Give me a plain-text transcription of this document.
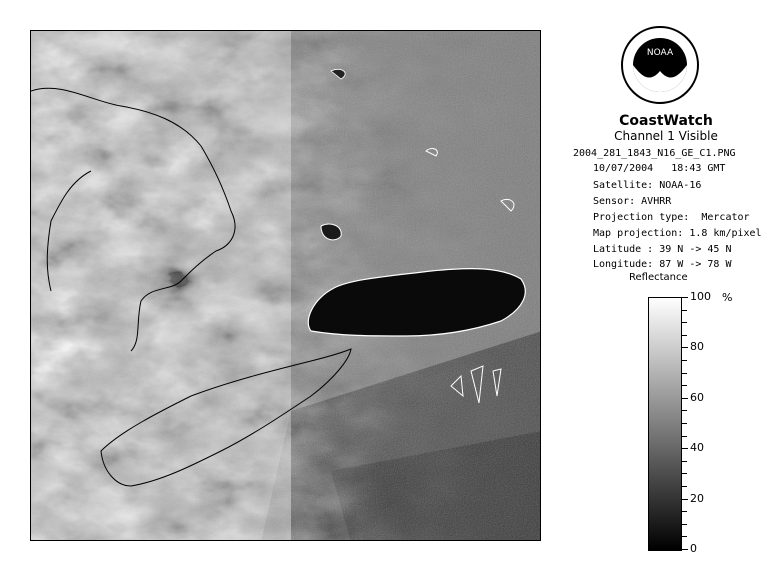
NOAA
CoastWatch
Channel 1 Visible
2004_281_1843_N16_GE_C1.PNG
10/07/2004   18:43 GMT
Satellite: NOAA-16
Sensor: AVHRR
Projection type:  Mercator
Map projection: 1.8 km/pixel
Latitude : 39 N -> 45 N
Longitude: 87 W -> 78 W
Reflectance
%
100
80
60
40
20
0
